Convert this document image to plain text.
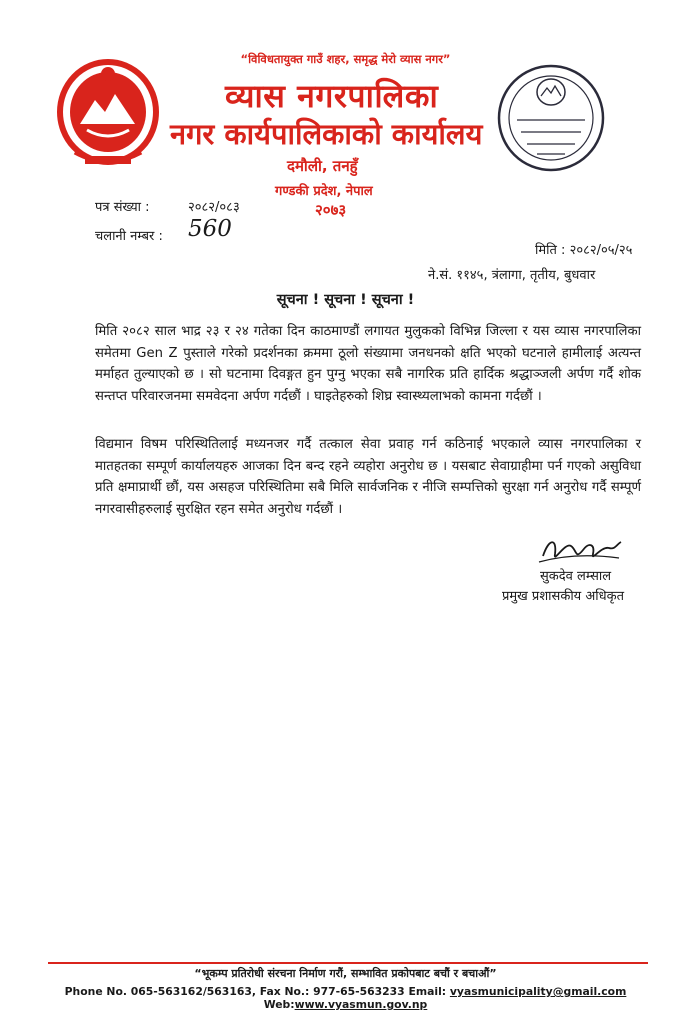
“विविधतायुक्त गाउँ शहर, समृद्ध मेरो व्यास नगर”
व्यास नगरपालिका
नगर कार्यपालिकाको कार्यालय
दमौली, तनहुँ
गण्डकी प्रदेश, नेपाल
२०७३
पत्र संख्या :	२०८२/०८३
चलानी नम्बर : 560
मिति : २०८२/०५/२५
ने.सं. ११४५, त्रंलागा, तृतीय, बुधवार
सूचना ! सूचना ! सूचना !
मिति २०८२ साल भाद्र २३ र २४ गतेका दिन काठमाण्डौं लगायत मुलुकको विभिन्न जिल्ला र यस व्यास नगरपालिका समेतमा Gen Z पुस्ताले गरेको प्रदर्शनका क्रममा ठूलो संख्यामा जनधनको क्षति भएको घटनाले हामीलाई अत्यन्त मर्माहत तुल्याएको छ । सो घटनामा दिवङ्गत हुन पुग्नु भएका सबै नागरिक प्रति हार्दिक श्रद्धाञ्जली अर्पण गर्दै शोक सन्तप्त परिवारजनमा समवेदना अर्पण गर्दछौं । घाइतेहरुको शिघ्र स्वास्थ्यलाभको कामना गर्दछौं ।
विद्यमान विषम परिस्थितिलाई मध्यनजर गर्दै तत्काल सेवा प्रवाह गर्न कठिनाई भएकाले व्यास नगरपालिका र मातहतका सम्पूर्ण कार्यालयहरु आजका दिन बन्द रहने व्यहोरा अनुरोध छ । यसबाट सेवाग्राहीमा पर्न गएको असुविधा प्रति क्षमाप्रार्थी छौं, यस असहज परिस्थितिमा सबै मिलि सार्वजनिक र नीजि सम्पत्तिको सुरक्षा गर्न अनुरोध गर्दै सम्पूर्ण नगरवासीहरुलाई सुरक्षित रहन समेत अनुरोध गर्दछौं ।
सुकदेव लम्साल
प्रमुख प्रशासकीय अधिकृत
“भूकम्प प्रतिरोधी संरचना निर्माण गरौं, सम्भावित प्रकोपबाट बचौं र बचाऔं”
Phone No. 065-563162/563163, Fax No.: 977-65-563233 Email: vyasmunicipality@gmail.com Web:www.vyasmun.gov.np
